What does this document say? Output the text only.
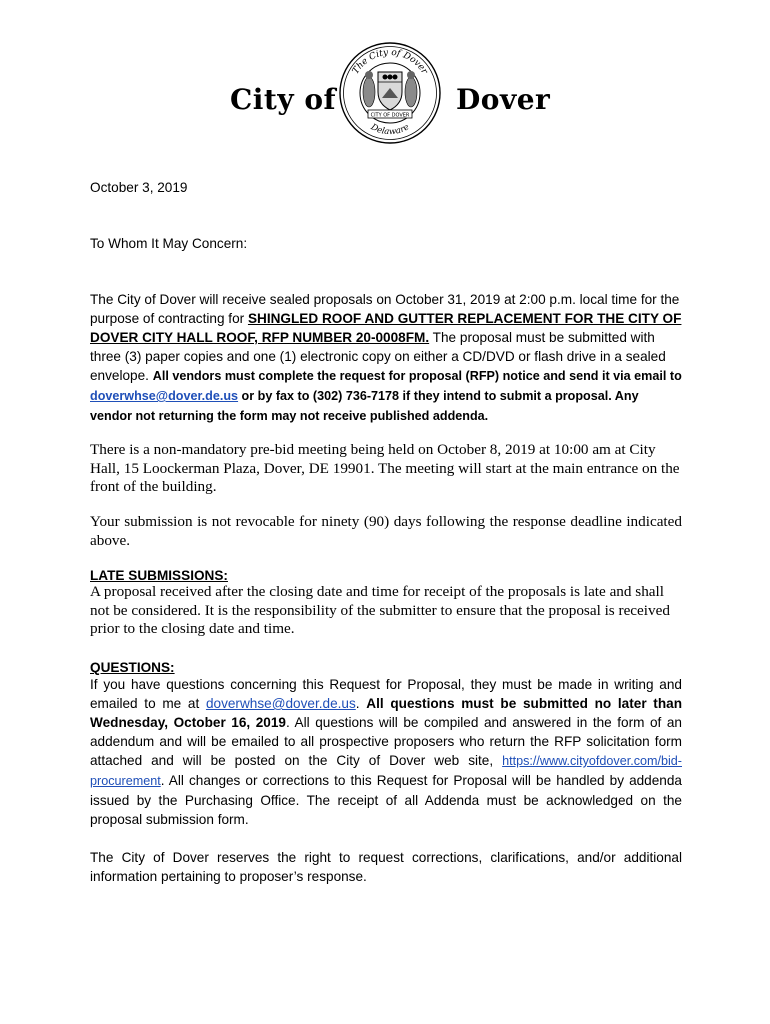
City of
The City of Dover
Delaware
CITY OF DOVER Dover

October 3, 2019

To Whom It May Concern:

The City of Dover will receive sealed proposals on October 31, 2019 at 2:00 p.m. local time for the purpose of contracting for SHINGLED ROOF AND GUTTER REPLACEMENT FOR THE CITY OF DOVER CITY HALL ROOF, RFP NUMBER 20-0008FM. The proposal must be submitted with three (3) paper copies and one (1) electronic copy on either a CD/DVD or flash drive in a sealed envelope. All vendors must complete the request for proposal (RFP) notice and send it via email to doverwhse@dover.de.us or by fax to (302) 736-7178 if they intend to submit a proposal. Any vendor not returning the form may not receive published addenda.

There is a non-mandatory pre-bid meeting being held on October 8, 2019 at 10:00 am at City Hall, 15 Loockerman Plaza, Dover, DE 19901. The meeting will start at the main entrance on the front of the building.

Your submission is not revocable for ninety (90) days following the response deadline indicated above.

LATE SUBMISSIONS:
A proposal received after the closing date and time for receipt of the proposals is late and shall not be considered. It is the responsibility of the submitter to ensure that the proposal is received prior to the closing date and time.
QUESTIONS:
If you have questions concerning this Request for Proposal, they must be made in writing and emailed to me at doverwhse@dover.de.us. All questions must be submitted no later than Wednesday, October 16, 2019. All questions will be compiled and answered in the form of an addendum and will be emailed to all prospective proposers who return the RFP solicitation form attached and will be posted on the City of Dover web site, https://www.cityofdover.com/bid-procurement. All changes or corrections to this Request for Proposal will be handled by addenda issued by the Purchasing Office. The receipt of all Addenda must be acknowledged on the proposal submission form.

The City of Dover reserves the right to request corrections, clarifications, and/or additional information pertaining to proposer’s response.
